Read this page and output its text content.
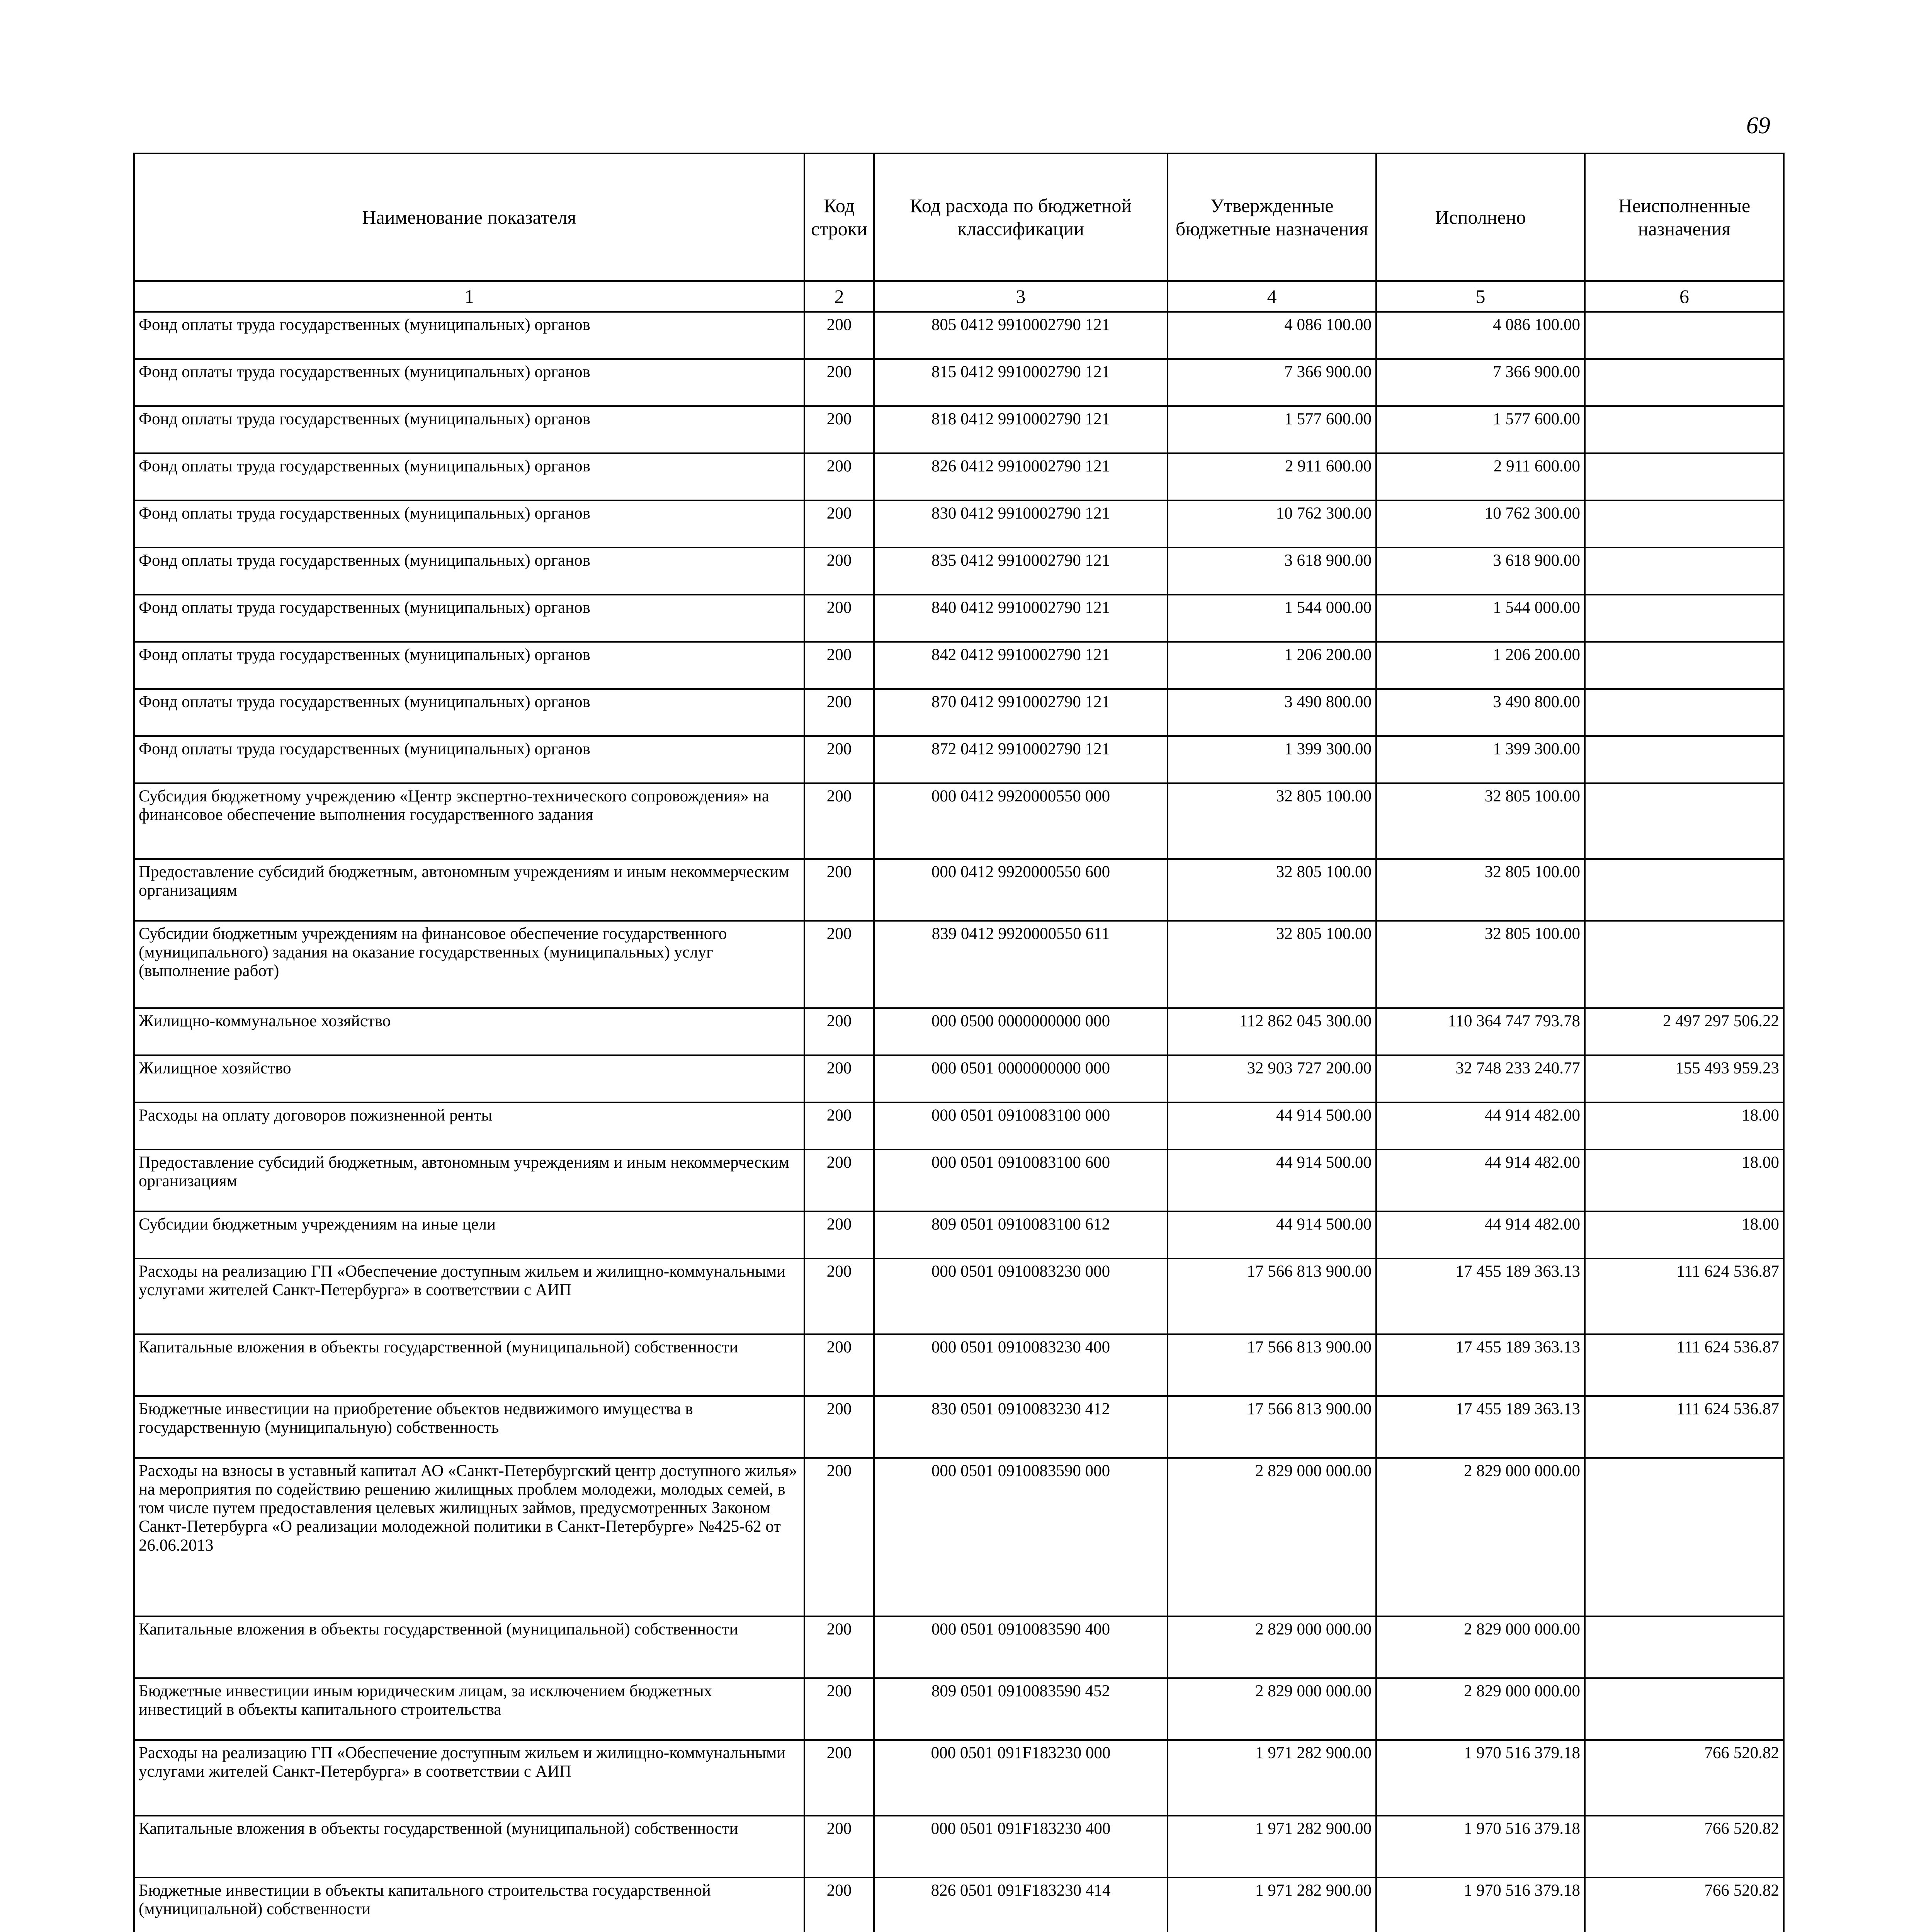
69
Наименование показателя	Код строки	Код расхода по бюджетной классификации	Утвержденные бюджетные назначения	Исполнено	Неисполненные назначения
1	2	3	4	5	6
Фонд оплаты труда государственных (муниципальных) органов	200	805 0412 9910002790 121	4 086 100.00	4 086 100.00	
Фонд оплаты труда государственных (муниципальных) органов	200	815 0412 9910002790 121	7 366 900.00	7 366 900.00	
Фонд оплаты труда государственных (муниципальных) органов	200	818 0412 9910002790 121	1 577 600.00	1 577 600.00	
Фонд оплаты труда государственных (муниципальных) органов	200	826 0412 9910002790 121	2 911 600.00	2 911 600.00	
Фонд оплаты труда государственных (муниципальных) органов	200	830 0412 9910002790 121	10 762 300.00	10 762 300.00	
Фонд оплаты труда государственных (муниципальных) органов	200	835 0412 9910002790 121	3 618 900.00	3 618 900.00	
Фонд оплаты труда государственных (муниципальных) органов	200	840 0412 9910002790 121	1 544 000.00	1 544 000.00	
Фонд оплаты труда государственных (муниципальных) органов	200	842 0412 9910002790 121	1 206 200.00	1 206 200.00	
Фонд оплаты труда государственных (муниципальных) органов	200	870 0412 9910002790 121	3 490 800.00	3 490 800.00	
Фонд оплаты труда государственных (муниципальных) органов	200	872 0412 9910002790 121	1 399 300.00	1 399 300.00	
Субсидия бюджетному учреждению «Центр экспертно-технического сопровождения» на финансовое обеспечение выполнения государственного задания	200	000 0412 9920000550 000	32 805 100.00	32 805 100.00	
Предоставление субсидий бюджетным, автономным учреждениям и иным некоммерческим организациям	200	000 0412 9920000550 600	32 805 100.00	32 805 100.00	
Субсидии бюджетным учреждениям на финансовое обеспечение государственного (муниципального) задания на оказание государственных (муниципальных) услуг (выполнение работ)	200	839 0412 9920000550 611	32 805 100.00	32 805 100.00	
Жилищно-коммунальное хозяйство	200	000 0500 0000000000 000	112 862 045 300.00	110 364 747 793.78	2 497 297 506.22
Жилищное хозяйство	200	000 0501 0000000000 000	32 903 727 200.00	32 748 233 240.77	155 493 959.23
Расходы на оплату договоров пожизненной ренты	200	000 0501 0910083100 000	44 914 500.00	44 914 482.00	18.00
Предоставление субсидий бюджетным, автономным учреждениям и иным некоммерческим организациям	200	000 0501 0910083100 600	44 914 500.00	44 914 482.00	18.00
Субсидии бюджетным учреждениям на иные цели	200	809 0501 0910083100 612	44 914 500.00	44 914 482.00	18.00
Расходы на реализацию ГП «Обеспечение доступным жильем и жилищно-коммунальными услугами жителей Санкт-Петербурга» в соответствии с АИП	200	000 0501 0910083230 000	17 566 813 900.00	17 455 189 363.13	111 624 536.87
Капитальные вложения в объекты государственной (муниципальной) собственности	200	000 0501 0910083230 400	17 566 813 900.00	17 455 189 363.13	111 624 536.87
Бюджетные инвестиции на приобретение объектов недвижимого имущества в государственную (муниципальную) собственность	200	830 0501 0910083230 412	17 566 813 900.00	17 455 189 363.13	111 624 536.87
Расходы на взносы в уставный капитал АО «Санкт-Петербургский центр доступного жилья» на мероприятия по содействию решению жилищных проблем молодежи, молодых семей, в том числе путем предоставления целевых жилищных займов, предусмотренных Законом Санкт-Петербурга «О реализации молодежной политики в Санкт-Петербурге» №425-62 от 26.06.2013	200	000 0501 0910083590 000	2 829 000 000.00	2 829 000 000.00	
Капитальные вложения в объекты государственной (муниципальной) собственности	200	000 0501 0910083590 400	2 829 000 000.00	2 829 000 000.00	
Бюджетные инвестиции иным юридическим лицам, за исключением бюджетных инвестиций в объекты капитального строительства	200	809 0501 0910083590 452	2 829 000 000.00	2 829 000 000.00	
Расходы на реализацию ГП «Обеспечение доступным жильем и жилищно-коммунальными услугами жителей Санкт-Петербурга» в соответствии с АИП	200	000 0501 091F183230 000	1 971 282 900.00	1 970 516 379.18	766 520.82
Капитальные вложения в объекты государственной (муниципальной) собственности	200	000 0501 091F183230 400	1 971 282 900.00	1 970 516 379.18	766 520.82
Бюджетные инвестиции в объекты капитального строительства государственной (муниципальной) собственности	200	826 0501 091F183230 414	1 971 282 900.00	1 970 516 379.18	766 520.82
